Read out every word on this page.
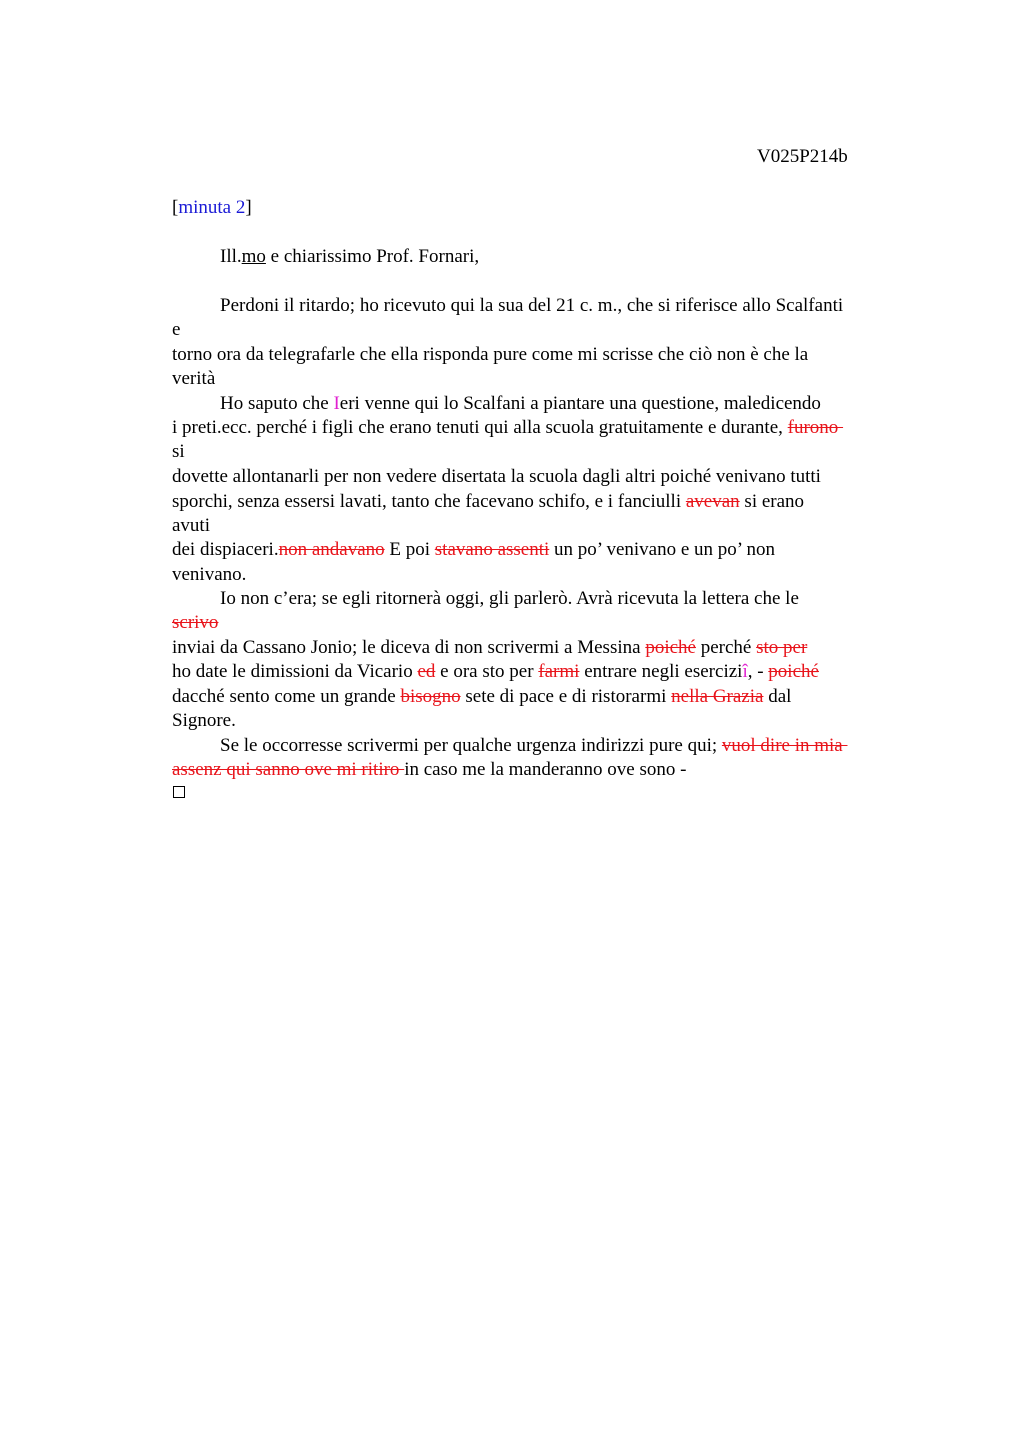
V025P214b
[minuta 2]
Ill.mo e chiarissimo Prof. Fornari,
Perdoni il ritardo; ho ricevuto qui la sua del 21 c. m., che si riferisce allo Scalfanti
e
torno ora da telegrafarle che ella risponda pure come mi scrisse che ciò non è che la
verità
Ho saputo che Ieri venne qui lo Scalfani a piantare una questione, maledicendo
i preti.ecc. perché i figli che erano tenuti qui alla scuola gratuitamente e durante, furono
si
dovette allontanarli per non vedere disertata la scuola dagli altri poiché venivano tutti
sporchi, senza essersi lavati, tanto che facevano schifo, e i fanciulli avevan si erano
avuti
dei dispiaceri.non andavano E poi stavano assenti un po’ venivano e un po’ non
venivano.
Io non c’era; se egli ritornerà oggi, gli parlerò. Avrà ricevuta la lettera che le
scrivo
inviai da Cassano Jonio; le diceva di non scrivermi a Messina poiché perché sto per
ho date le dimissioni da Vicario ed e ora sto per farmi entrare negli eserciziî, - poiché
dacché sento come un grande bisogno sete di pace e di ristorarmi nella Grazia dal
Signore.
Se le occorresse scrivermi per qualche urgenza indirizzi pure qui; vuol dire in mia
assenz qui sanno ove mi ritiro in caso me la manderanno ove sono -
